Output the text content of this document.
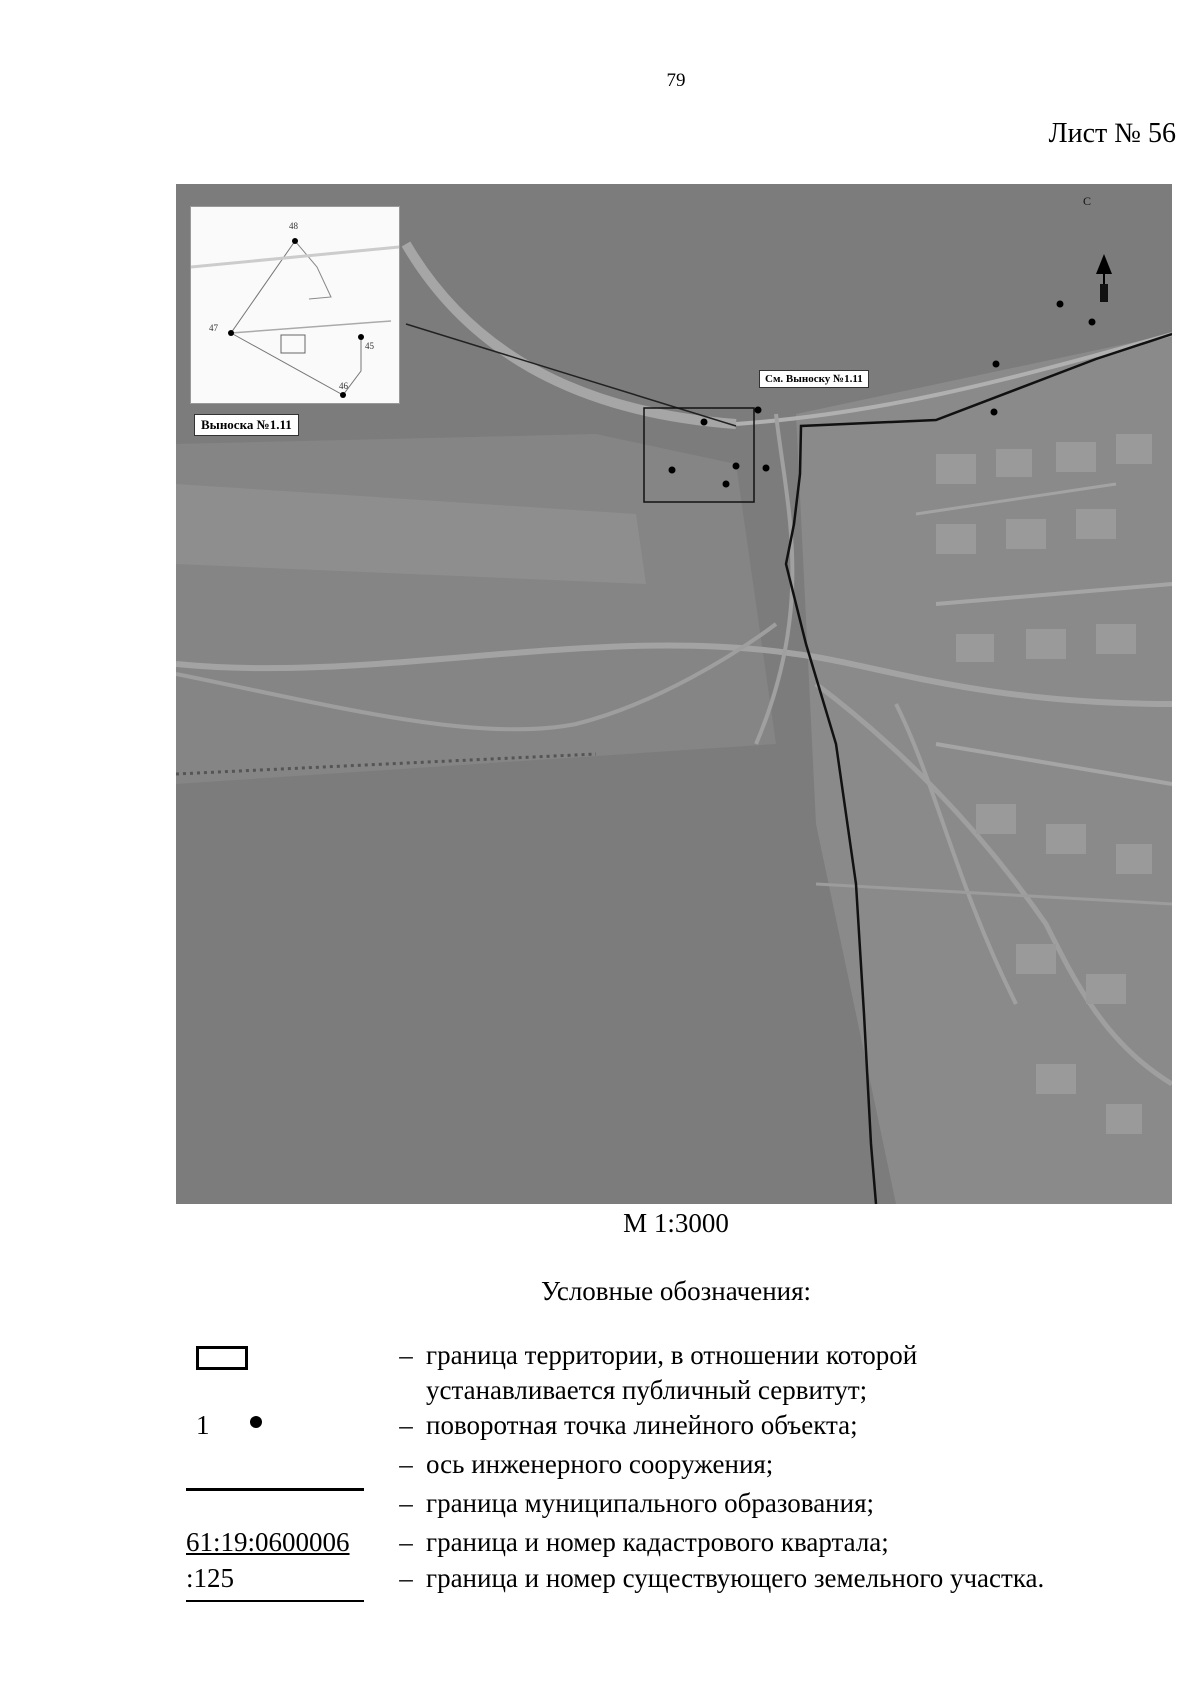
79
Лист № 56
48
47
46
45
Выноска №1.11
См. Выноску №1.11
С
М 1:3000
Условные обозначения:
– граница территории, в отношении которой
устанавливается публичный сервитут;
1	– поворотная точка линейного объекта;
– ось инженерного сооружения;
– граница муниципального образования;
61:19:0600006	– граница и номер кадастрового квартала;
:125	– граница и номер существующего земельного участка.
